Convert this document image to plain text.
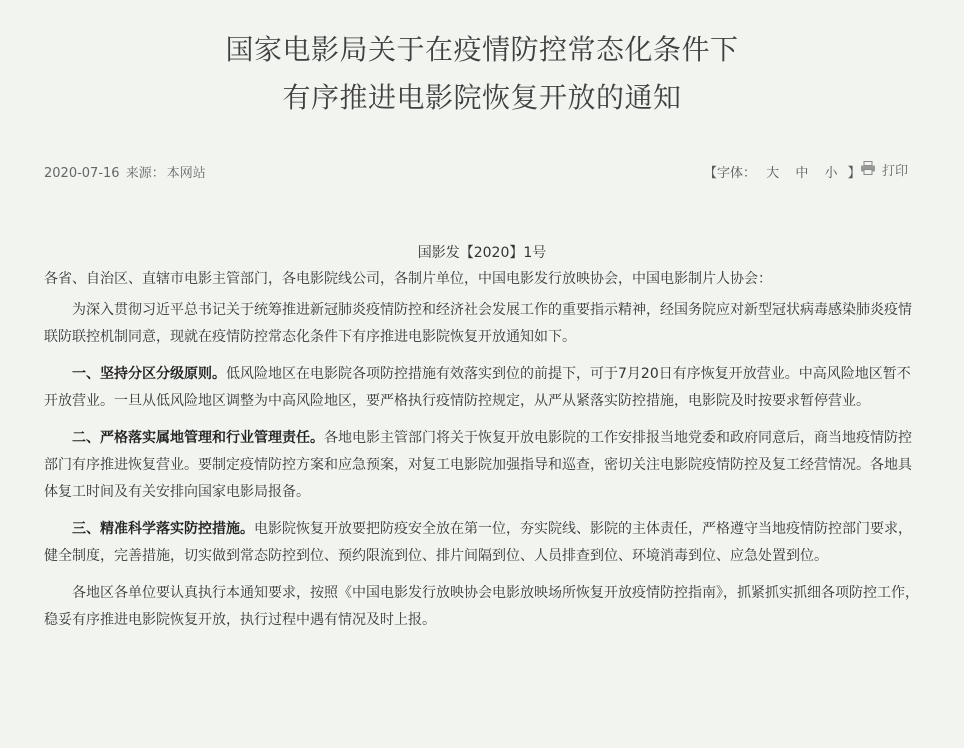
国家电影局关于在疫情防控常态化条件下
有序推进电影院恢复开放的通知
2020-07-16 来源： 本网站	【字体： 大 中 小 】 打印
国影发【2020】1号

各省、自治区、直辖市电影主管部门，各电影院线公司，各制片单位，中国电影发行放映协会，中国电影制片人协会：

为深入贯彻习近平总书记关于统筹推进新冠肺炎疫情防控和经济社会发展工作的重要指示精神，经国务院应对新型冠状病毒感染肺炎疫情联防联控机制同意，现就在疫情防控常态化条件下有序推进电影院恢复开放通知如下。

一、坚持分区分级原则。低风险地区在电影院各项防控措施有效落实到位的前提下，可于7月20日有序恢复开放营业。中高风险地区暂不开放营业。一旦从低风险地区调整为中高风险地区，要严格执行疫情防控规定，从严从紧落实防控措施，电影院及时按要求暂停营业。

二、严格落实属地管理和行业管理责任。各地电影主管部门将关于恢复开放电影院的工作安排报当地党委和政府同意后，商当地疫情防控部门有序推进恢复营业。要制定疫情防控方案和应急预案，对复工电影院加强指导和巡查，密切关注电影院疫情防控及复工经营情况。各地具体复工时间及有关安排向国家电影局报备。

三、精准科学落实防控措施。电影院恢复开放要把防疫安全放在第一位，夯实院线、影院的主体责任，严格遵守当地疫情防控部门要求，健全制度，完善措施，切实做到常态防控到位、预约限流到位、排片间隔到位、人员排查到位、环境消毒到位、应急处置到位。

各地区各单位要认真执行本通知要求，按照《中国电影发行放映协会电影放映场所恢复开放疫情防控指南》，抓紧抓实抓细各项防控工作，稳妥有序推进电影院恢复开放，执行过程中遇有情况及时上报。
